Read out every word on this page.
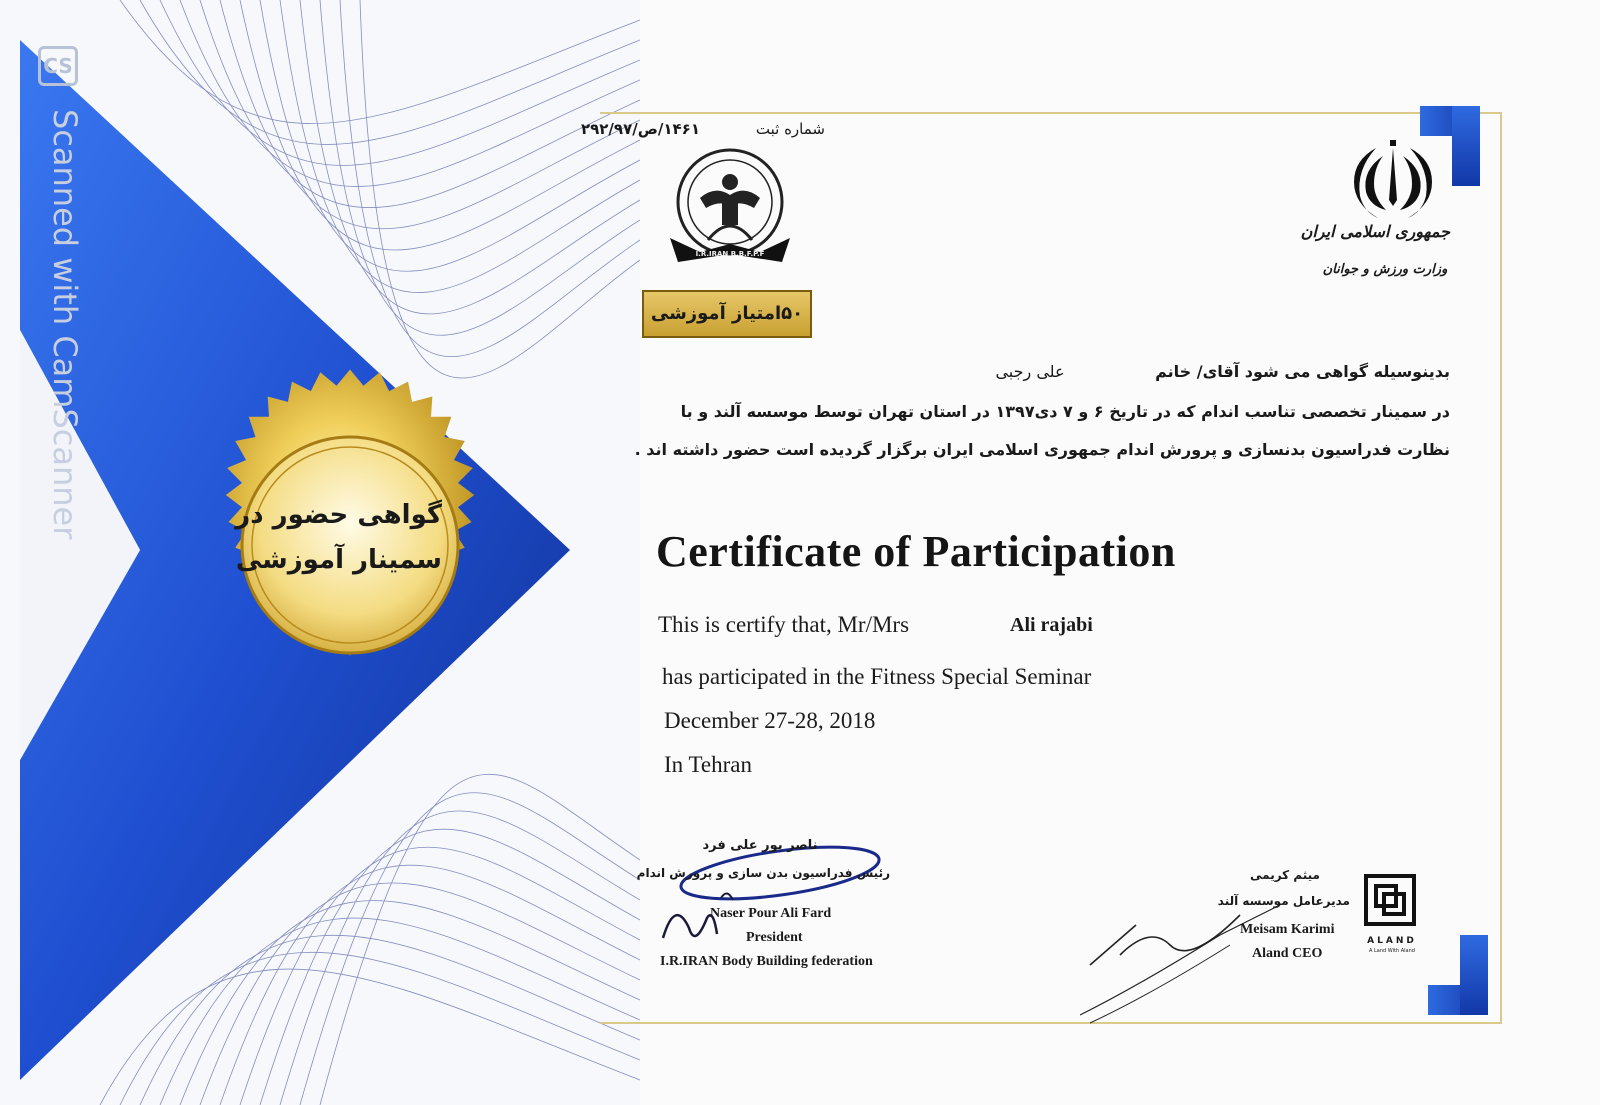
گواهی حضور در
سمینار آموزشی
CS
Scanned with CamScanner	شماره ثبت
۱۴۶۱/ص/۲۹۲/۹۷
I.R.IRAN B.B.F.P.F
۵۰امتیاز آموزشی
جمهوری اسلامی ایران
وزارت ورزش و جوانان
بدینوسیله گواهی می شود آقای/ خانم
علی رجبی
در سمینار تخصصی تناسب اندام که در تاریخ ۶ و ۷ دی۱۳۹۷ در استان تهران توسط موسسه آلند و با
نظارت فدراسیون بدنسازی و پرورش اندام جمهوری اسلامی ایران برگزار گردیده است حضور داشته اند .
Certificate of Participation
This is certify that, Mr/Mrs	Ali rajabi
has participated in the Fitness Special Seminar
December 27-28, 2018
In Tehran
ناصر پور علی فرد
رئیس فدراسیون بدن سازی و پرورش اندام
Naser Pour Ali Fard
President
I.R.IRAN Body Building federation
میثم کریمی
مدیرعامل موسسه آلند
Meisam Karimi
Aland CEO
ALAND
A Land With Aland
